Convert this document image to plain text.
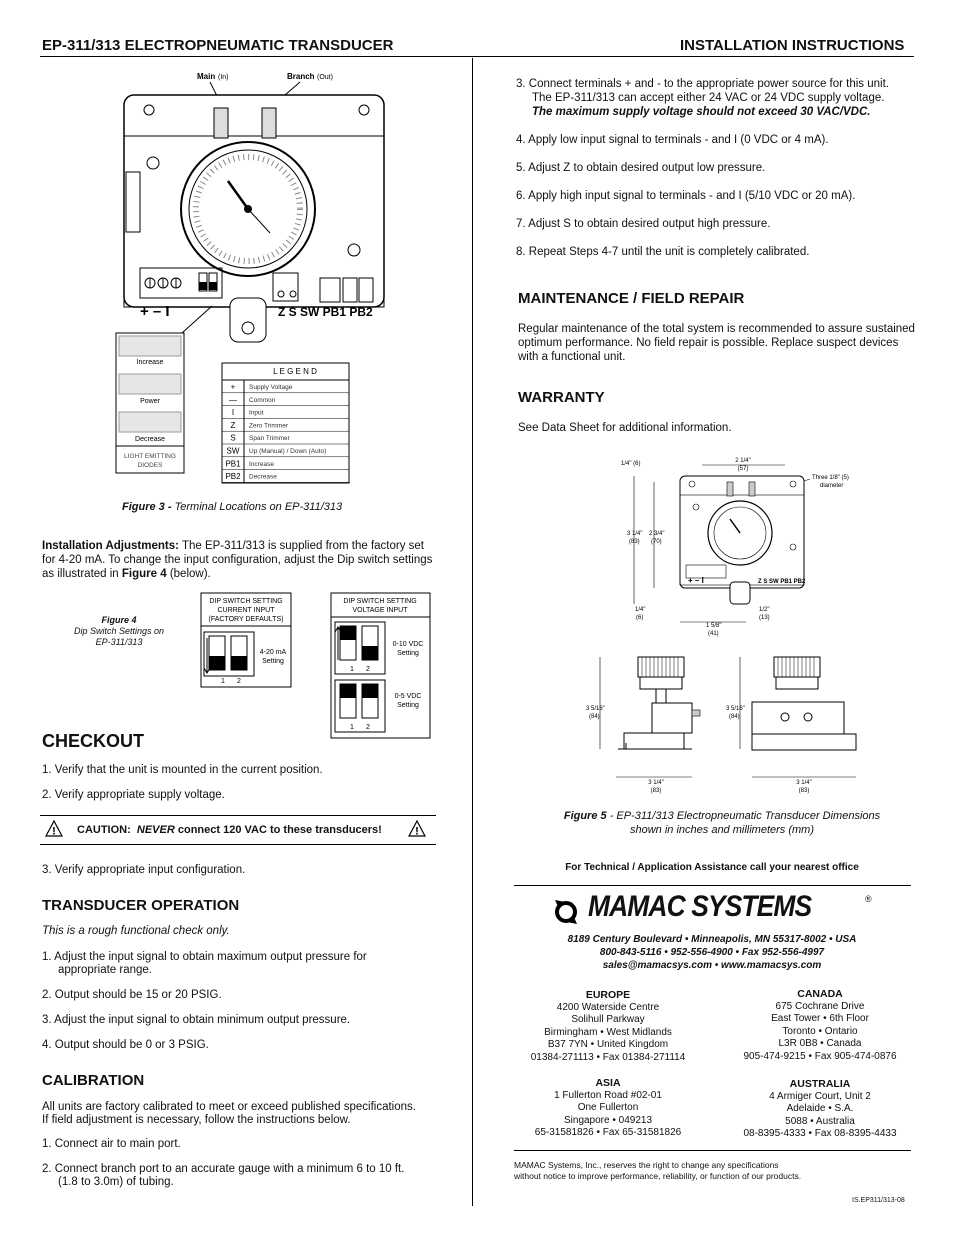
EP-311/313 ELECTROPNEUMATIC TRANSDUCER	INSTALLATION INSTRUCTIONS
Main (In)	Branch (Out)
+ – I	Z S SW PB1 PB2
Increase
Power
Decrease
LIGHT EMITTING
DIODES
L E G E N D
+ Supply Voltage
— Common
I Input
Z Zero Trimmer
S Span Trimmer
SW Up (Manual) / Down (Auto)
PB1 Increase
PB2 Decrease
Figure 3 - Terminal Locations on EP-311/313
Installation Adjustments: The EP-311/313 is supplied from the factory set for 4-20 mA. To change the input configuration, adjust the Dip switch settings as illustrated in Figure 4 (below).
Figure 4
Dip Switch Settings on
EP-311/313
DIP SWITCH SETTING
CURRENT INPUT
(FACTORY DEFAULTS)
1 2
4-20 mA
Setting
DIP SWITCH SETTING
VOLTAGE INPUT
1 2
0-10 VDC
Setting
1 2
0-5 VDC
Setting
CHECKOUT
1. Verify that the unit is mounted in the current position.
2. Verify appropriate supply voltage.
! CAUTION: NEVER connect 120 VAC to these transducers!	!
3. Verify appropriate input configuration.
TRANSDUCER OPERATION
This is a rough functional check only.
1. Adjust the input signal to obtain maximum output pressure for
appropriate range.
2. Output should be 15 or 20 PSIG.
3. Adjust the input signal to obtain minimum output pressure.
4. Output should be 0 or 3 PSIG.
CALIBRATION
All units are factory calibrated to meet or exceed published specifications.
If field adjustment is necessary, follow the instructions below.
1. Connect air to main port.
2. Connect branch port to an accurate gauge with a minimum 6 to 10 ft.
(1.8 to 3.0m) of tubing.
3. Connect terminals + and - to the appropriate power source for this unit.
The EP-311/313 can accept either 24 VAC or 24 VDC supply voltage.
The maximum supply voltage should not exceed 30 VAC/VDC.
4. Apply low input signal to terminals - and I (0 VDC or 4 mA).
5. Adjust Z to obtain desired output low pressure.
6. Apply high input signal to terminals - and I (5/10 VDC or 20 mA).
7. Adjust S to obtain desired output high pressure.
8. Repeat Steps 4-7 until the unit is completely calibrated.
MAINTENANCE / FIELD REPAIR
Regular maintenance of the total system is recommended to assure sustained
optimum performance. No field repair is possible. Replace suspect devices
with a functional unit.
WARRANTY
See Data Sheet for additional information.
1/4" (6)	2 1/4"
(57)
Three 1/8" (5)
diameter
+ – I	Z S SW PB1 PB2
3 1/4"
(83)
2 3/4"
(70)
1/4"
(6)
1/2"
(13)
1 5/8"
(41)
3 5/16"
(84)
3 1/4"
(83)
3 5/16"
(84)
3 1/4"
(83)
Figure 5 - EP-311/313 Electropneumatic Transducer Dimensions
shown in inches and millimeters (mm)
For Technical / Application Assistance call your nearest office
MAMAC SYSTEMS	®
8189 Century Boulevard • Minneapolis, MN 55317-8002 • USA
800-843-5116 • 952-556-4900 • Fax 952-556-4997
sales@mamacsys.com • www.mamacsys.com
EUROPE
4200 Waterside Centre
Solihull Parkway
Birmingham • West Midlands
B37 7YN • United Kingdom
01384-271113 • Fax 01384-271114
CANADA
675 Cochrane Drive
East Tower • 6th Floor
Toronto • Ontario
L3R 0B8 • Canada
905-474-9215 • Fax 905-474-0876
ASIA
1 Fullerton Road #02-01
One Fullerton
Singapore • 049213
65-31581826 • Fax 65-31581826
AUSTRALIA
4 Armiger Court, Unit 2
Adelaide • S.A.
5088 • Australia
08-8395-4333 • Fax 08-8395-4433
MAMAC Systems, Inc., reserves the right to change any specifications
without notice to improve performance, reliability, or function of our products.
IS.EP311/313-08
